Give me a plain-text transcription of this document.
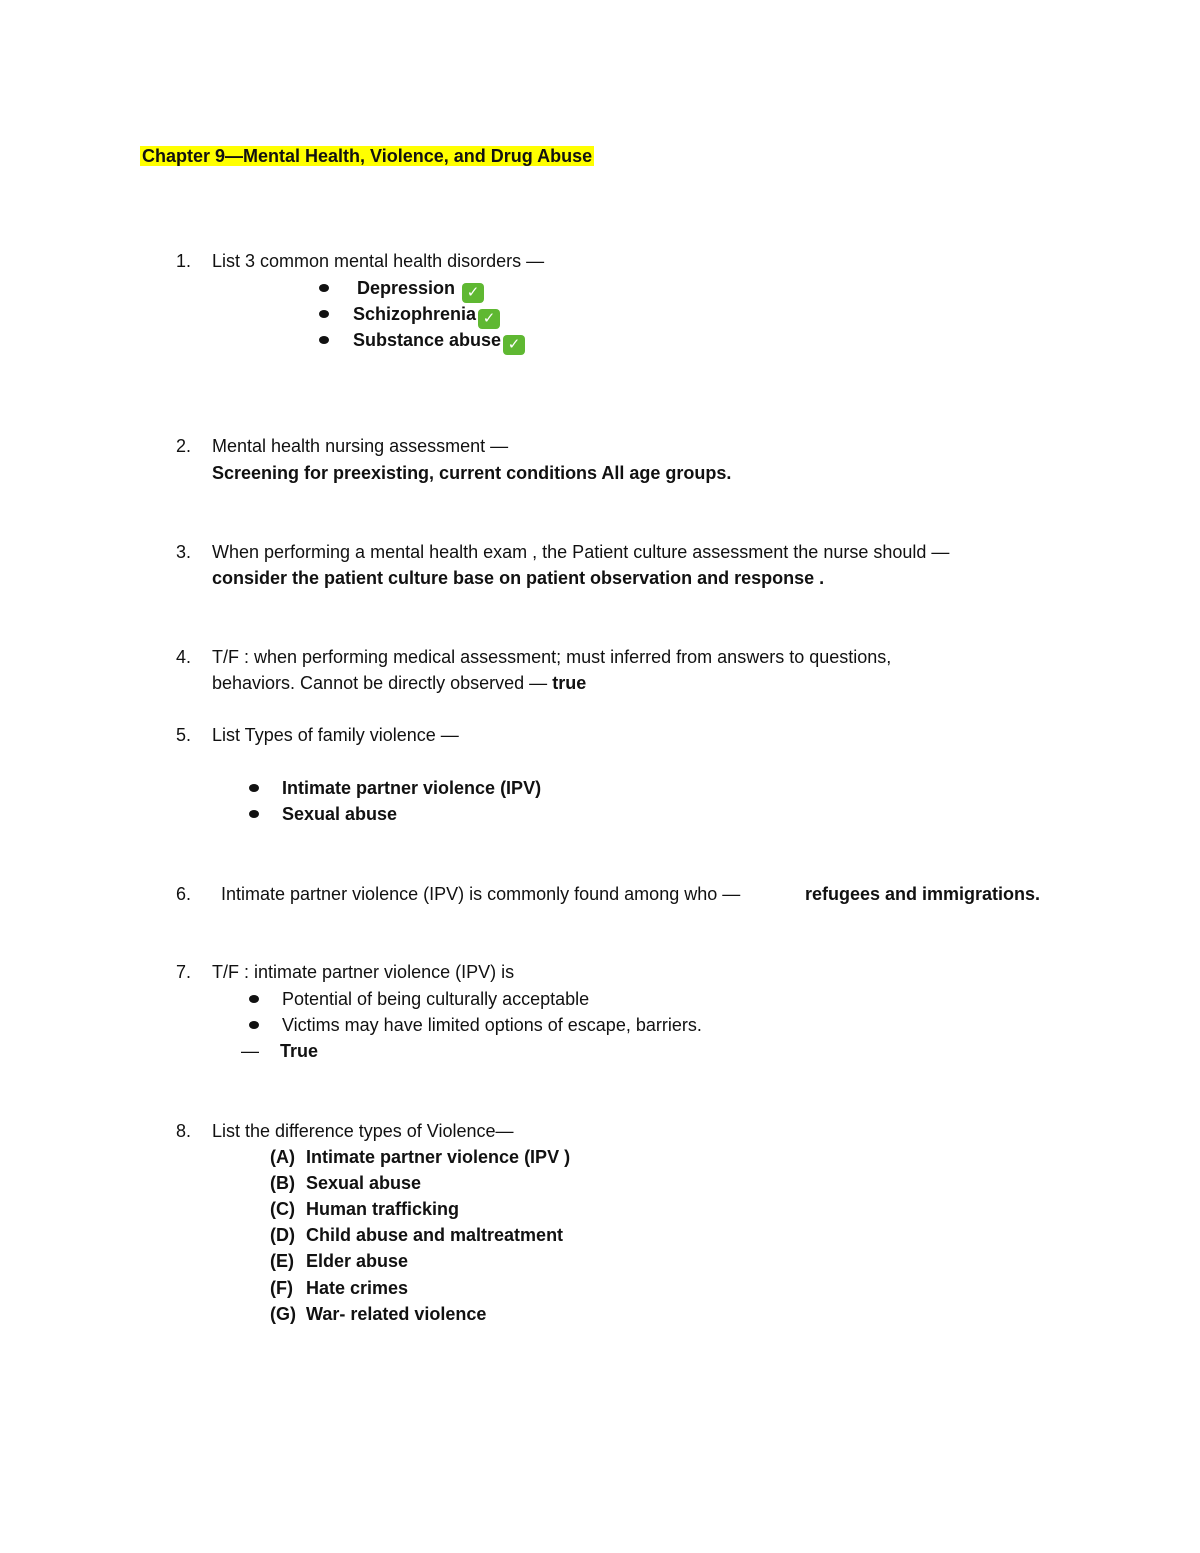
Chapter 9—Mental Health, Violence, and Drug Abuse
1. List 3 common mental health disorders —
Depression ✓
Schizophrenia ✓
Substance abuse ✓
2. Mental health nursing assessment —
Screening for preexisting, current conditions All age groups.
3. When performing a mental health exam , the Patient culture assessment the nurse should —
consider the patient culture base on patient observation and response .
4. T/F : when performing medical assessment; must inferred from answers to questions,
behaviors. Cannot be directly observed — true
5. List Types of family violence —
Intimate partner violence (IPV)
Sexual abuse
6. Intimate partner violence (IPV) is commonly found among who —	refugees and immigrations.
7. T/F : intimate partner violence (IPV) is
Potential of being culturally acceptable
Victims may have limited options of escape, barriers.
— True
8. List the difference types of Violence—
(A) Intimate partner violence (IPV )
(B) Sexual abuse
(C) Human trafficking
(D) Child abuse and maltreatment
(E) Elder abuse
(F) Hate crimes
(G) War- related violence
